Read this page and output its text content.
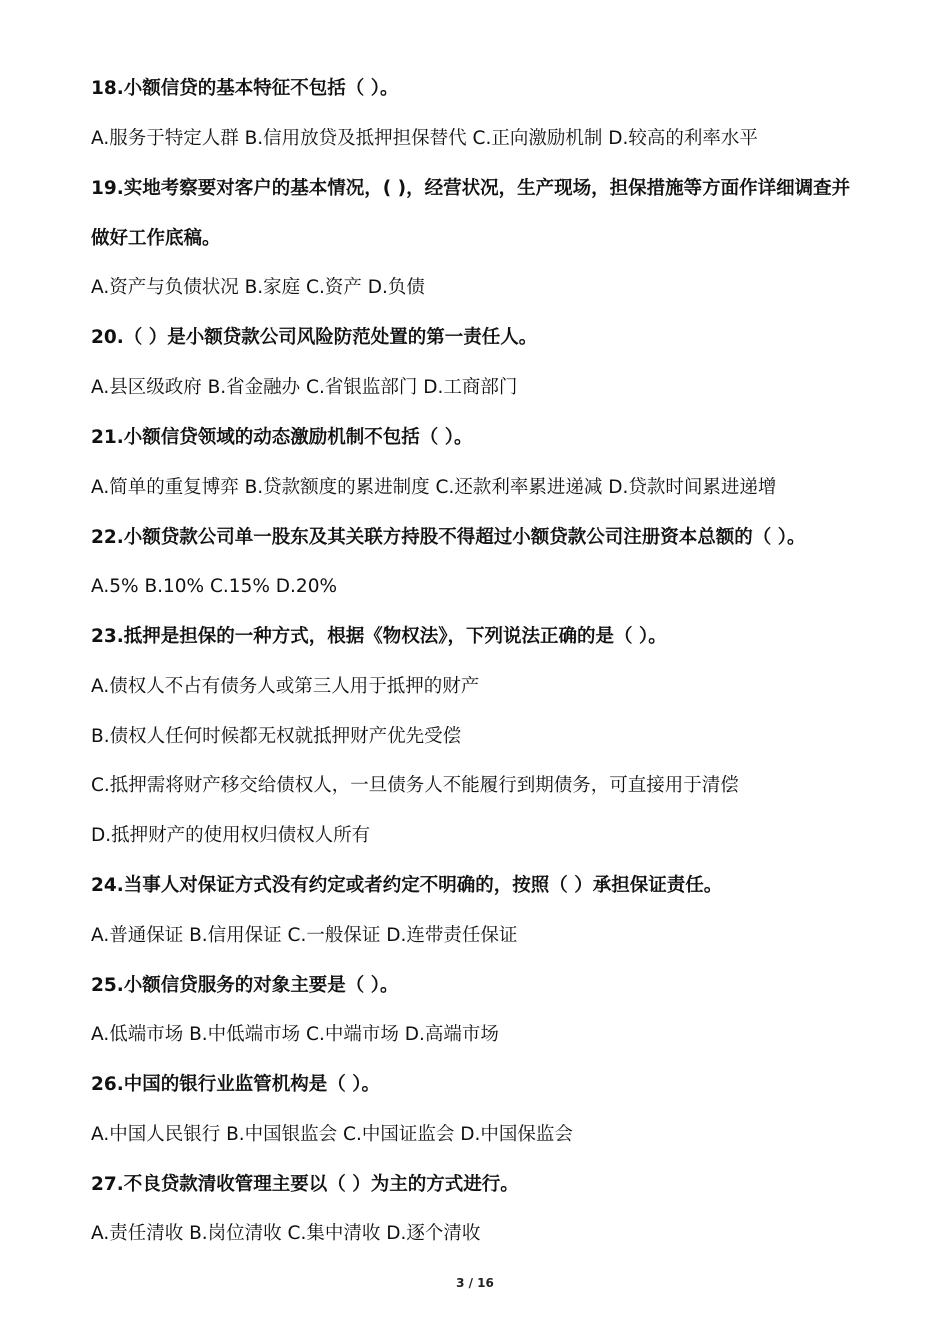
18.小额信贷的基本特征不包括（ ）。
A.服务于特定人群 B.信用放贷及抵押担保替代 C.正向激励机制 D.较高的利率水平
19.实地考察要对客户的基本情况，( )，经营状况，生产现场，担保措施等方面作详细调查并
做好工作底稿。
A.资产与负债状况 B.家庭 C.资产 D.负债
20.（ ）是小额贷款公司风险防范处置的第一责任人。
A.县区级政府 B.省金融办 C.省银监部门 D.工商部门
21.小额信贷领域的动态激励机制不包括（ ）。
A.简单的重复博弈 B.贷款额度的累进制度 C.还款利率累进递减 D.贷款时间累进递增
22.小额贷款公司单一股东及其关联方持股不得超过小额贷款公司注册资本总额的（ ）。
A.5% B.10% C.15% D.20%
23.抵押是担保的一种方式，根据《物权法》，下列说法正确的是（ ）。
A.债权人不占有债务人或第三人用于抵押的财产
B.债权人任何时候都无权就抵押财产优先受偿
C.抵押需将财产移交给债权人，一旦债务人不能履行到期债务，可直接用于清偿
D.抵押财产的使用权归债权人所有
24.当事人对保证方式没有约定或者约定不明确的，按照（ ）承担保证责任。
A.普通保证 B.信用保证 C.一般保证 D.连带责任保证
25.小额信贷服务的对象主要是（ ）。
A.低端市场 B.中低端市场 C.中端市场 D.高端市场
26.中国的银行业监管机构是（ ）。
A.中国人民银行 B.中国银监会 C.中国证监会 D.中国保监会
27.不良贷款清收管理主要以（ ）为主的方式进行。
A.责任清收 B.岗位清收 C.集中清收 D.逐个清收
3 / 16
